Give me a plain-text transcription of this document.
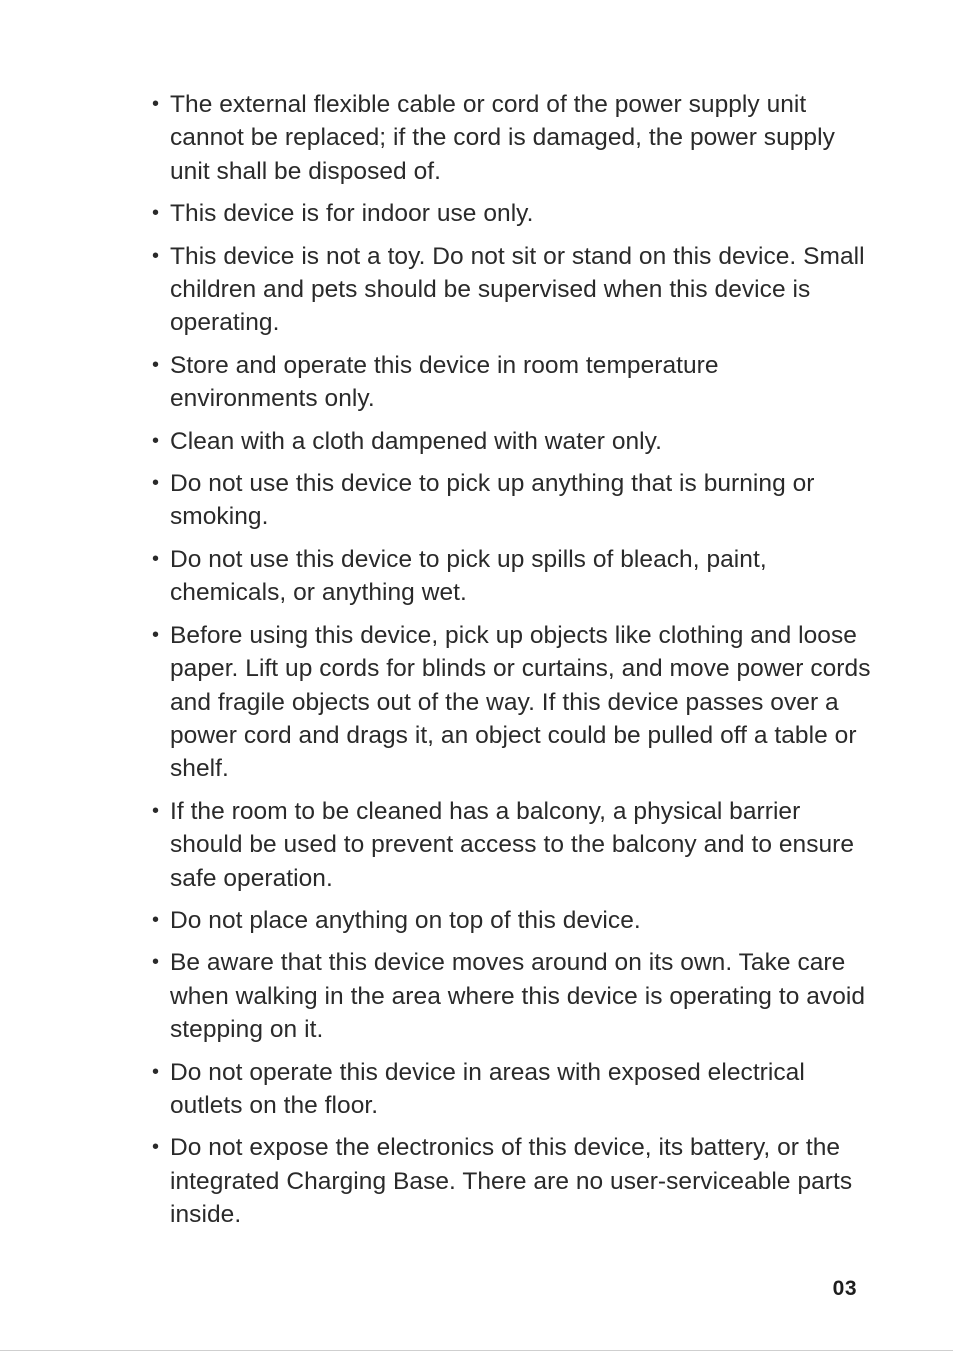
• The external flexible cable or cord of the power supply unit cannot be replaced; if the cord is damaged, the power supply unit shall be disposed of.
• This device is for indoor use only.
• This device is not a toy. Do not sit or stand on this device. Small children and pets should be supervised when this device is operating.
• Store and operate this device in room temperature environments only.
• Clean with a cloth dampened with water only.
• Do not use this device to pick up anything that is burning or smoking.
• Do not use this device to pick up spills of bleach, paint, chemicals, or anything wet.
• Before using this device, pick up objects like clothing and loose paper. Lift up cords for blinds or curtains, and move power cords and fragile objects out of the way. If this device passes over a power cord and drags it, an object could be pulled off a table or shelf.
• If the room to be cleaned has a balcony, a physical barrier should be used to prevent access to the balcony and to ensure safe operation.
• Do not place anything on top of this device.
• Be aware that this device moves around on its own. Take care when walking in the area where this device is operating to avoid stepping on it.
• Do not operate this device in areas with exposed electrical outlets on the floor.
• Do not expose the electronics of this device, its battery, or the integrated Charging Base. There are no user-serviceable parts inside.
03
